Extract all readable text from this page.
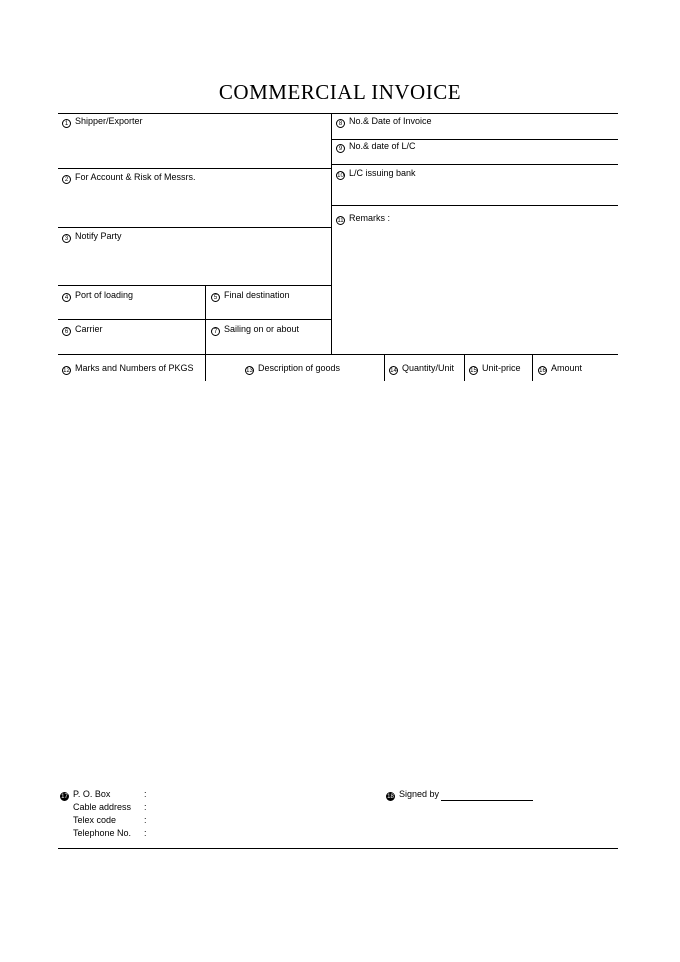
COMMERCIAL INVOICE
1 Shipper/Exporter	8 No.& Date of Invoice
9 No.& date of L/C
10 L/C issuing bank
2 For Account & Risk of Messrs.
11 Remarks :
3 Notify Party
4 Port of loading	5 Final destination
6 Carrier	7 Sailing on or about
12 Marks and Numbers of PKGS	13 Description of goods	14 Quantity/Unit	15 Unit-price	16 Amount
17 P. O. Box	:
Cable address :
Telex code	:
Telephone No. :
18 Signed by
